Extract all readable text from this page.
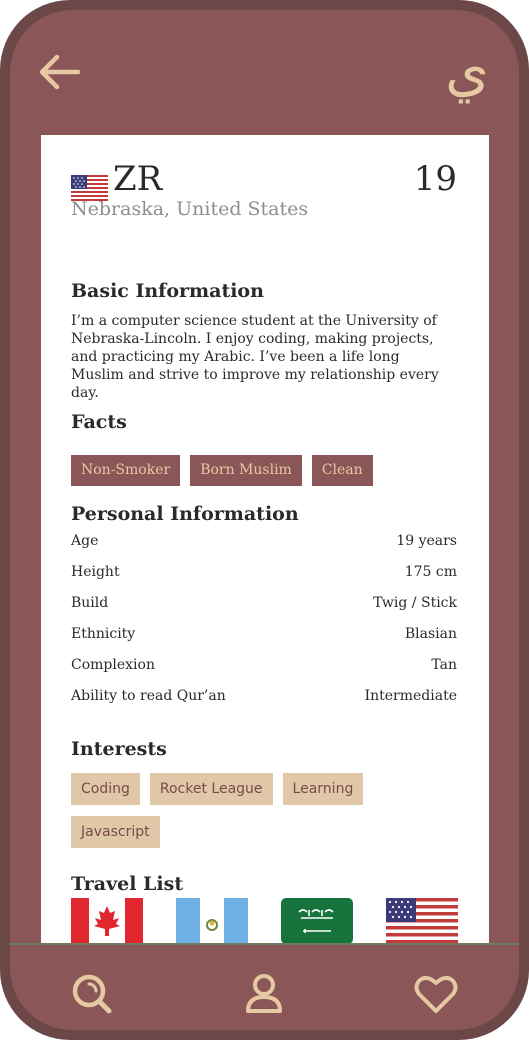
ي
ZR	19
Nebraska, United States
Basic Information
I’m a computer science student at the University of Nebraska-Lincoln. I enjoy coding, making projects, and practicing my Arabic. I’ve been a life long Muslim and strive to improve my relationship every day.
Facts
Non-Smoker	Born Muslim	Clean
Personal Information
Age	19 years
Height	175 cm
Build	Twig / Stick
Ethnicity	Blasian
Complexion	Tan
Ability to read Qur’an	Intermediate
Interests
Coding	Rocket League	Learning
Javascript
Travel List
